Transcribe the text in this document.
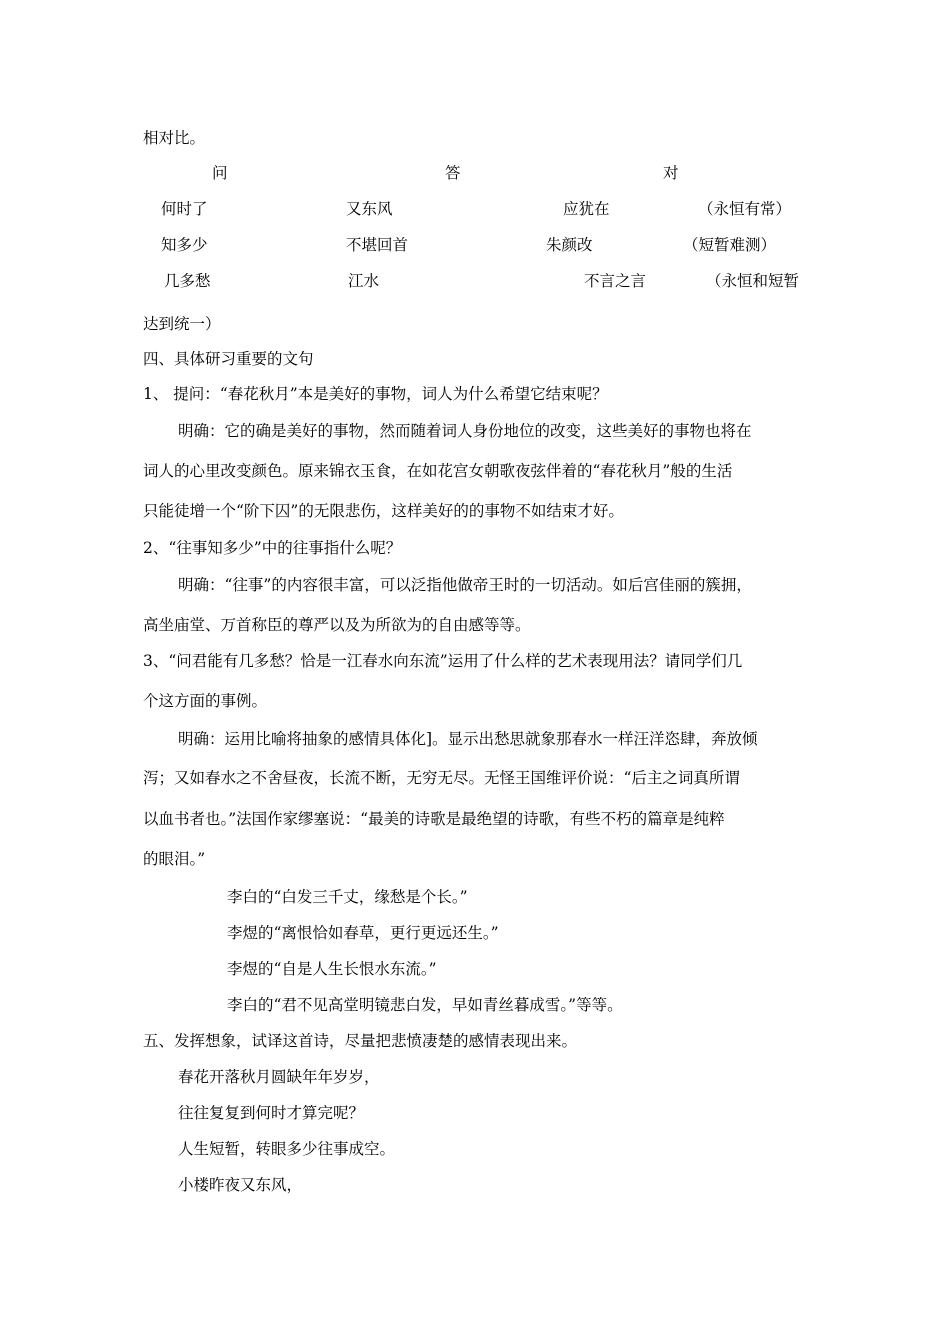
相对比。
问	答	对
何时了	又东风	应犹在	（永恒有常）
知多少	不堪回首	朱颜改	（短暂难测）
几多愁	江水	不言之言	（永恒和短暂
达到统一）
四、具体研习重要的文句
1、 提问：“春花秋月”本是美好的事物，词人为什么希望它结束呢？
明确：它的确是美好的事物，然而随着词人身份地位的改变，这些美好的事物也将在
词人的心里改变颜色。原来锦衣玉食，在如花宫女朝歌夜弦伴着的“春花秋月”般的生活
只能徒增一个“阶下囚”的无限悲伤，这样美好的的事物不如结束才好。
2、“往事知多少”中的往事指什么呢？
明确：“往事”的内容很丰富，可以泛指他做帝王时的一切活动。如后宫佳丽的簇拥，
高坐庙堂、万首称臣的尊严以及为所欲为的自由感等等。
3、“问君能有几多愁？恰是一江春水向东流”运用了什么样的艺术表现用法？请同学们几
个这方面的事例。
明确：运用比喻将抽象的感情具体化]。显示出愁思就象那春水一样汪洋恣肆，奔放倾
泻；又如春水之不舍昼夜，长流不断，无穷无尽。无怪王国维评价说：“后主之词真所谓
以血书者也。”法国作家缪塞说：“最美的诗歌是最绝望的诗歌，有些不朽的篇章是纯粹
的眼泪。”
李白的“白发三千丈，缘愁是个长。”
李煜的“离恨恰如春草，更行更远还生。”
李煜的“自是人生长恨水东流。”
李白的“君不见高堂明镜悲白发，早如青丝暮成雪。”等等。
五、发挥想象，试译这首诗，尽量把悲愤凄楚的感情表现出来。
春花开落秋月圆缺年年岁岁，
往往复复到何时才算完呢？
人生短暂，转眼多少往事成空。
小楼昨夜又东风，
